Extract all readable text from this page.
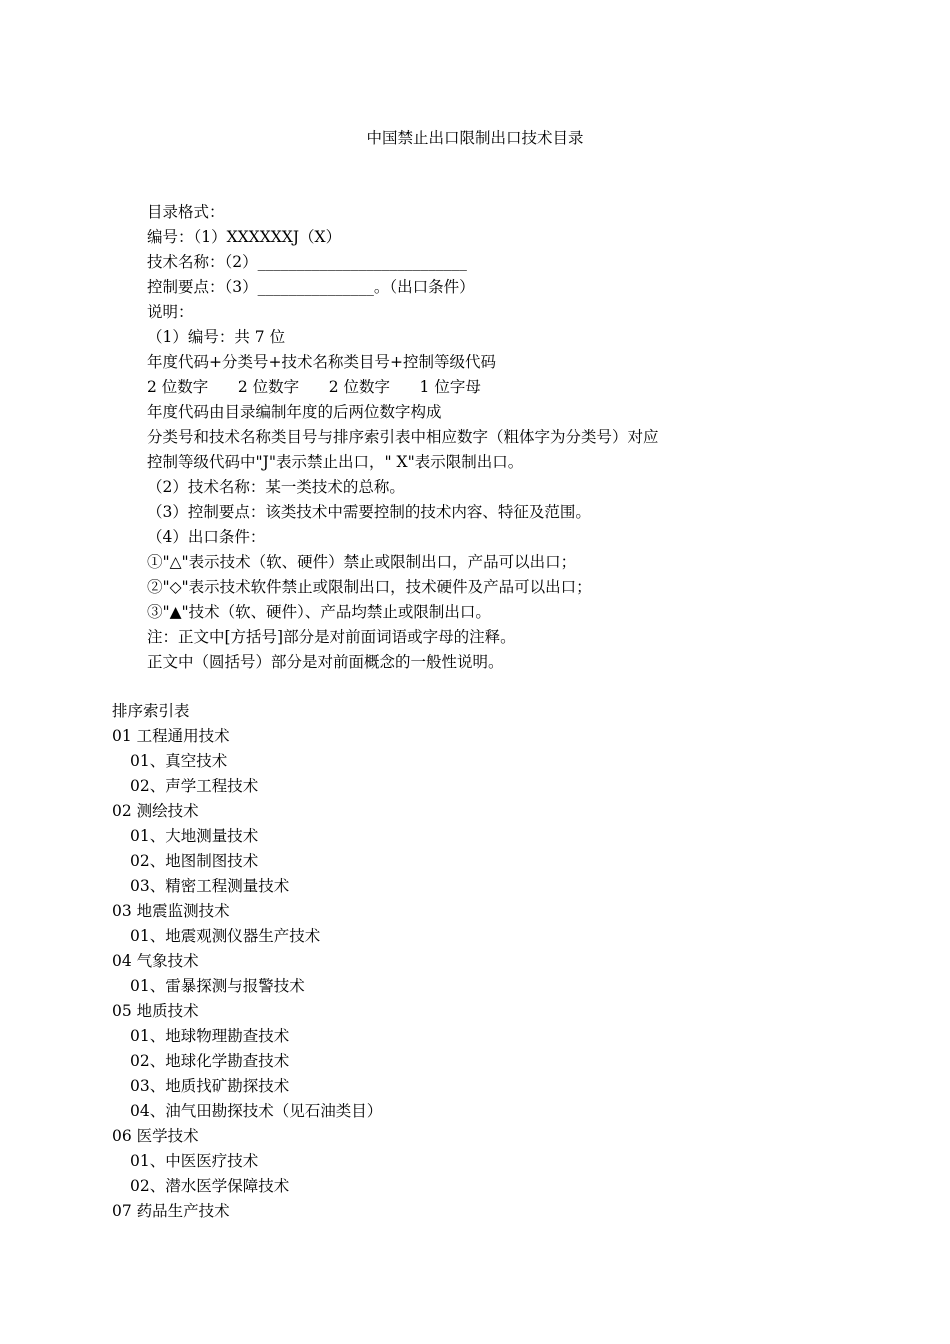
中国禁止出口限制出口技术目录
目录格式：
编号：（1）XXXXXXJ（X）
技术名称：（2）___________________________
控制要点：（3）_______________。（出口条件）
说明：
（1）编号：共 7 位
年度代码+分类号+技术名称类目号+控制等级代码
2 位数字      2 位数字      2 位数字      1 位字母
年度代码由目录编制年度的后两位数字构成
分类号和技术名称类目号与排序索引表中相应数字（粗体字为分类号）对应
控制等级代码中"J"表示禁止出口，" X"表示限制出口。
（2）技术名称：某一类技术的总称。
（3）控制要点：该类技术中需要控制的技术内容、特征及范围。
（4）出口条件：
①"△"表示技术（软、硬件）禁止或限制出口，产品可以出口；
②"◇"表示技术软件禁止或限制出口，技术硬件及产品可以出口；
③"▲"技术（软、硬件）、产品均禁止或限制出口。
注：正文中[方括号]部分是对前面词语或字母的注释。
正文中（圆括号）部分是对前面概念的一般性说明。
排序索引表
01 工程通用技术
01、真空技术
02、声学工程技术
02 测绘技术
01、大地测量技术
02、地图制图技术
03、精密工程测量技术
03 地震监测技术
01、地震观测仪器生产技术
04 气象技术
01、雷暴探测与报警技术
05 地质技术
01、地球物理勘查技术
02、地球化学勘查技术
03、地质找矿勘探技术
04、油气田勘探技术（见石油类目）
06 医学技术
01、中医医疗技术
02、潜水医学保障技术
07 药品生产技术
